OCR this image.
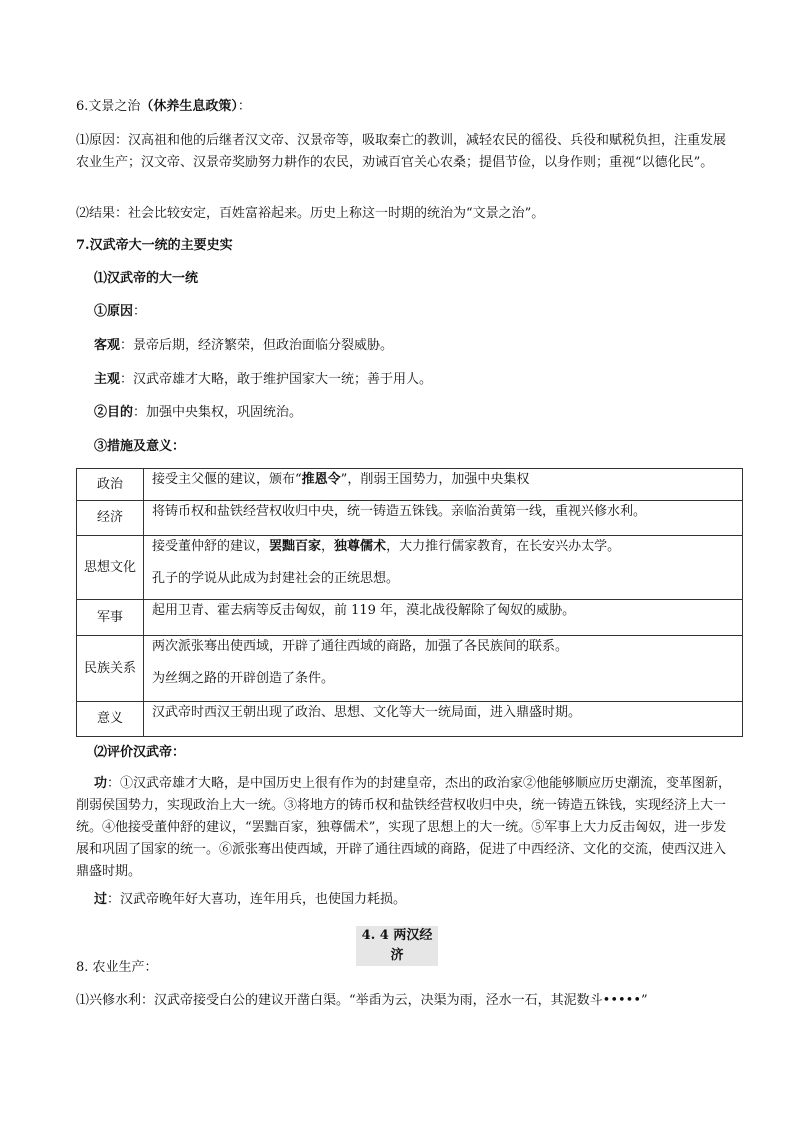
6.文景之治（休养生息政策）：

⑴原因：汉高祖和他的后继者汉文帝、汉景帝等，吸取秦亡的教训，减轻农民的徭役、兵役和赋税负担，注重发展农业生产；汉文帝、汉景帝奖励努力耕作的农民，劝诫百官关心农桑；提倡节俭，以身作则；重视“以德化民”。

⑵结果：社会比较安定，百姓富裕起来。历史上称这一时期的统治为“文景之治”。

7.汉武帝大一统的主要史实

⑴汉武帝的大一统

①原因：

客观：景帝后期，经济繁荣，但政治面临分裂威胁。

主观：汉武帝雄才大略，敢于维护国家大一统；善于用人。

②目的：加强中央集权，巩固统治。

③措施及意义：

政治	接受主父偃的建议，颁布“推恩令”，削弱王国势力，加强中央集权

经济	将铸币权和盐铁经营权收归中央，统一铸造五铢钱。亲临治黄第一线，重视兴修水利。

思想文化	接受董仲舒的建议，罢黜百家，独尊儒术，大力推行儒家教育，在长安兴办太学。

孔子的学说从此成为封建社会的正统思想。

军事	起用卫青、霍去病等反击匈奴，前 119 年，漠北战役解除了匈奴的威胁。

民族关系	两次派张骞出使西域，开辟了通往西域的商路，加强了各民族间的联系。

为丝绸之路的开辟创造了条件。

意义	汉武帝时西汉王朝出现了政治、思想、文化等大一统局面，进入鼎盛时期。

⑵评价汉武帝：

功：①汉武帝雄才大略，是中国历史上很有作为的封建皇帝，杰出的政治家②他能够顺应历史潮流，变革图新，削弱侯国势力，实现政治上大一统。③将地方的铸币权和盐铁经营权收归中央，统一铸造五铢钱，实现经济上大一统。④他接受董仲舒的建议，“罢黜百家，独尊儒术”，实现了思想上的大一统。⑤军事上大力反击匈奴，进一步发展和巩固了国家的统一。⑥派张骞出使西域，开辟了通往西域的商路，促进了中西经济、文化的交流，使西汉进入鼎盛时期。

过：汉武帝晚年好大喜功，连年用兵，也使国力耗损。

4. 4 两汉经济

8. 农业生产：

⑴兴修水利：汉武帝接受白公的建议开凿白渠。“举臿为云，决渠为雨，泾水一石，其泥数斗•••••”
